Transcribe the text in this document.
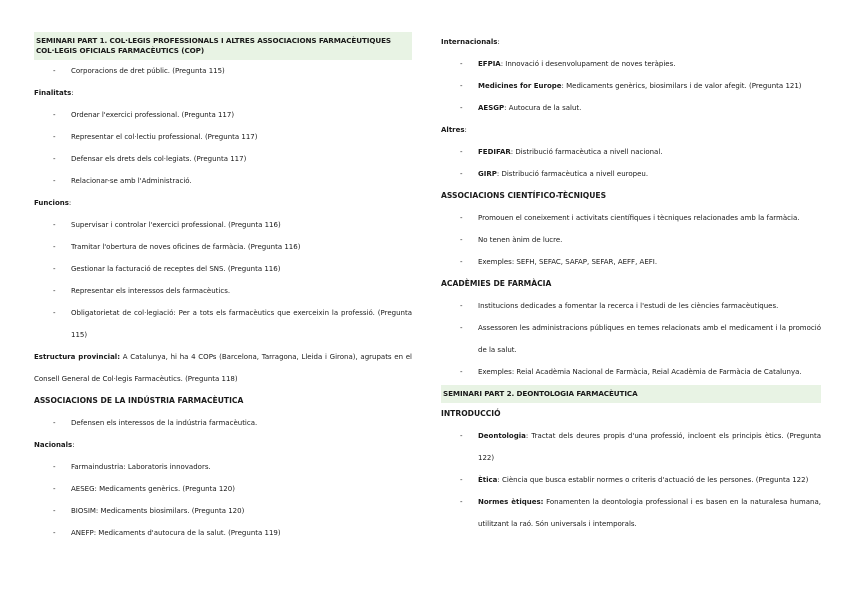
SEMINARI PART 1. COL·LEGIS PROFESSIONALS I ALTRES ASSOCIACIONS FARMACÈUTIQUES
COL·LEGIS OFICIALS FARMACÈUTICS (COP)
- Corporacions de dret públic. (Pregunta 115)
Finalitats:
- Ordenar l'exercici professional. (Pregunta 117)
- Representar el col·lectiu professional. (Pregunta 117)
- Defensar els drets dels col·legiats. (Pregunta 117)
- Relacionar-se amb l'Administració.
Funcions:
- Supervisar i controlar l'exercici professional. (Pregunta 116)
- Tramitar l'obertura de noves oficines de farmàcia. (Pregunta 116)
- Gestionar la facturació de receptes del SNS. (Pregunta 116)
- Representar els interessos dels farmacèutics.
- Obligatorietat de col·legiació: Per a tots els farmacèutics que exerceixin la professió. (Pregunta 115)

Estructura provincial: A Catalunya, hi ha 4 COPs (Barcelona, Tarragona, Lleida i Girona), agrupats en el Consell General de Col·legis Farmacèutics. (Pregunta 118)

ASSOCIACIONS DE LA INDÚSTRIA FARMACÈUTICA
- Defensen els interessos de la indústria farmacèutica.
Nacionals:
- Farmaindustria: Laboratoris innovadors.
- AESEG: Medicaments genèrics. (Pregunta 120)
- BIOSIM: Medicaments biosimilars. (Pregunta 120)
- ANEFP: Medicaments d'autocura de la salut. (Pregunta 119)
Internacionals:
- EFPIA: Innovació i desenvolupament de noves teràpies.
- Medicines for Europe: Medicaments genèrics, biosimilars i de valor afegit. (Pregunta 121)
- AESGP: Autocura de la salut.
Altres:
- FEDIFAR: Distribució farmacèutica a nivell nacional.
- GIRP: Distribució farmacèutica a nivell europeu.
ASSOCIACIONS CIENTÍFICO-TÈCNIQUES
- Promouen el coneixement i activitats científiques i tècniques relacionades amb la farmàcia.
- No tenen ànim de lucre.
- Exemples: SEFH, SEFAC, SAFAP, SEFAR, AEFF, AEFI.
ACADÈMIES DE FARMÀCIA
- Institucions dedicades a fomentar la recerca i l'estudi de les ciències farmacèutiques.
- Assessoren les administracions públiques en temes relacionats amb el medicament i la promoció de la salut.
- Exemples: Reial Acadèmia Nacional de Farmàcia, Reial Acadèmia de Farmàcia de Catalunya.
SEMINARI PART 2. DEONTOLOGIA FARMACÈUTICA
INTRODUCCIÓ
- Deontologia: Tractat dels deures propis d'una professió, incloent els principis ètics. (Pregunta 122)
- Ètica: Ciència que busca establir normes o criteris d'actuació de les persones. (Pregunta 122)
- Normes ètiques: Fonamenten la deontologia professional i es basen en la naturalesa humana, utilitzant la raó. Són universals i intemporals.
